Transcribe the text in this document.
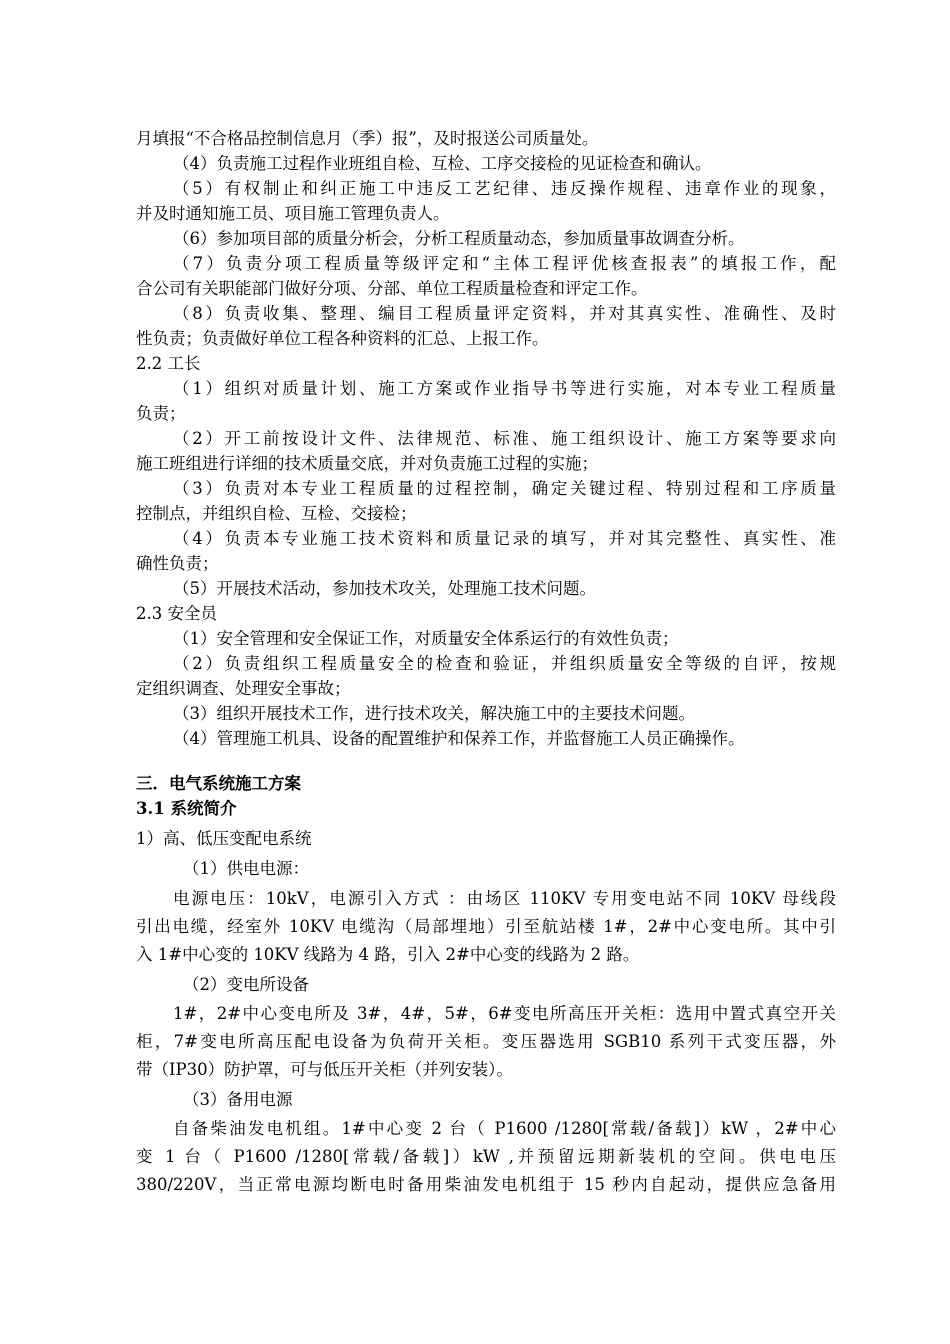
月填报“不合格品控制信息月（季）报”，及时报送公司质量处。
（4）负责施工过程作业班组自检、互检、工序交接检的见证检查和确认。
（5）有权制止和纠正施工中违反工艺纪律、违反操作规程、违章作业的现象，
并及时通知施工员、项目施工管理负责人。
（6）参加项目部的质量分析会，分析工程质量动态，参加质量事故调查分析。
（7）负责分项工程质量等级评定和“主体工程评优核查报表”的填报工作，配
合公司有关职能部门做好分项、分部、单位工程质量检查和评定工作。
（8）负责收集、整理、编目工程质量评定资料，并对其真实性、准确性、及时
性负责；负责做好单位工程各种资料的汇总、上报工作。
2.2 工长
（1）组织对质量计划、施工方案或作业指导书等进行实施，对本专业工程质量
负责；
（2）开工前按设计文件、法律规范、标准、施工组织设计、施工方案等要求向
施工班组进行详细的技术质量交底，并对负责施工过程的实施；
（3）负责对本专业工程质量的过程控制，确定关键过程、特别过程和工序质量
控制点，并组织自检、互检、交接检；
（4）负责本专业施工技术资料和质量记录的填写，并对其完整性、真实性、准
确性负责；
（5）开展技术活动，参加技术攻关，处理施工技术问题。
2.3 安全员
（1）安全管理和安全保证工作，对质量安全体系运行的有效性负责；
（2）负责组织工程质量安全的检查和验证，并组织质量安全等级的自评，按规
定组织调查、处理安全事故；
（3）组织开展技术工作，进行技术攻关，解决施工中的主要技术问题。
（4）管理施工机具、设备的配置维护和保养工作，并监督施工人员正确操作。
三．电气系统施工方案
3.1 系统简介
1）高、低压变配电系统
（1）供电电源：
电源电压：10kV，电源引入方式 ：由场区 110KV 专用变电站不同 10KV 母线段
引出电缆，经室外 10KV 电缆沟（局部埋地）引至航站楼 1#，2#中心变电所。其中引
入 1#中心变的 10KV 线路为 4 路，引入 2#中心变的线路为 2 路。
（2）变电所设备
1#，2#中心变电所及 3#，4#，5#，6#变电所高压开关柜：选用中置式真空开关
柜，7#变电所高压配电设备为负荷开关柜。变压器选用 SGB10 系列干式变压器，外
带（IP30）防护罩，可与低压开关柜（并列安装）。
（3）备用电源
自备柴油发电机组。1#中心变 2 台（ P1600 /1280[常载/备载]）kW ，2#中心
变 1 台（ P1600 /1280[常载/备载]）kW ,并预留远期新装机的空间。供电电压
380/220V，当正常电源均断电时备用柴油发电机组于 15 秒内自起动，提供应急备用
